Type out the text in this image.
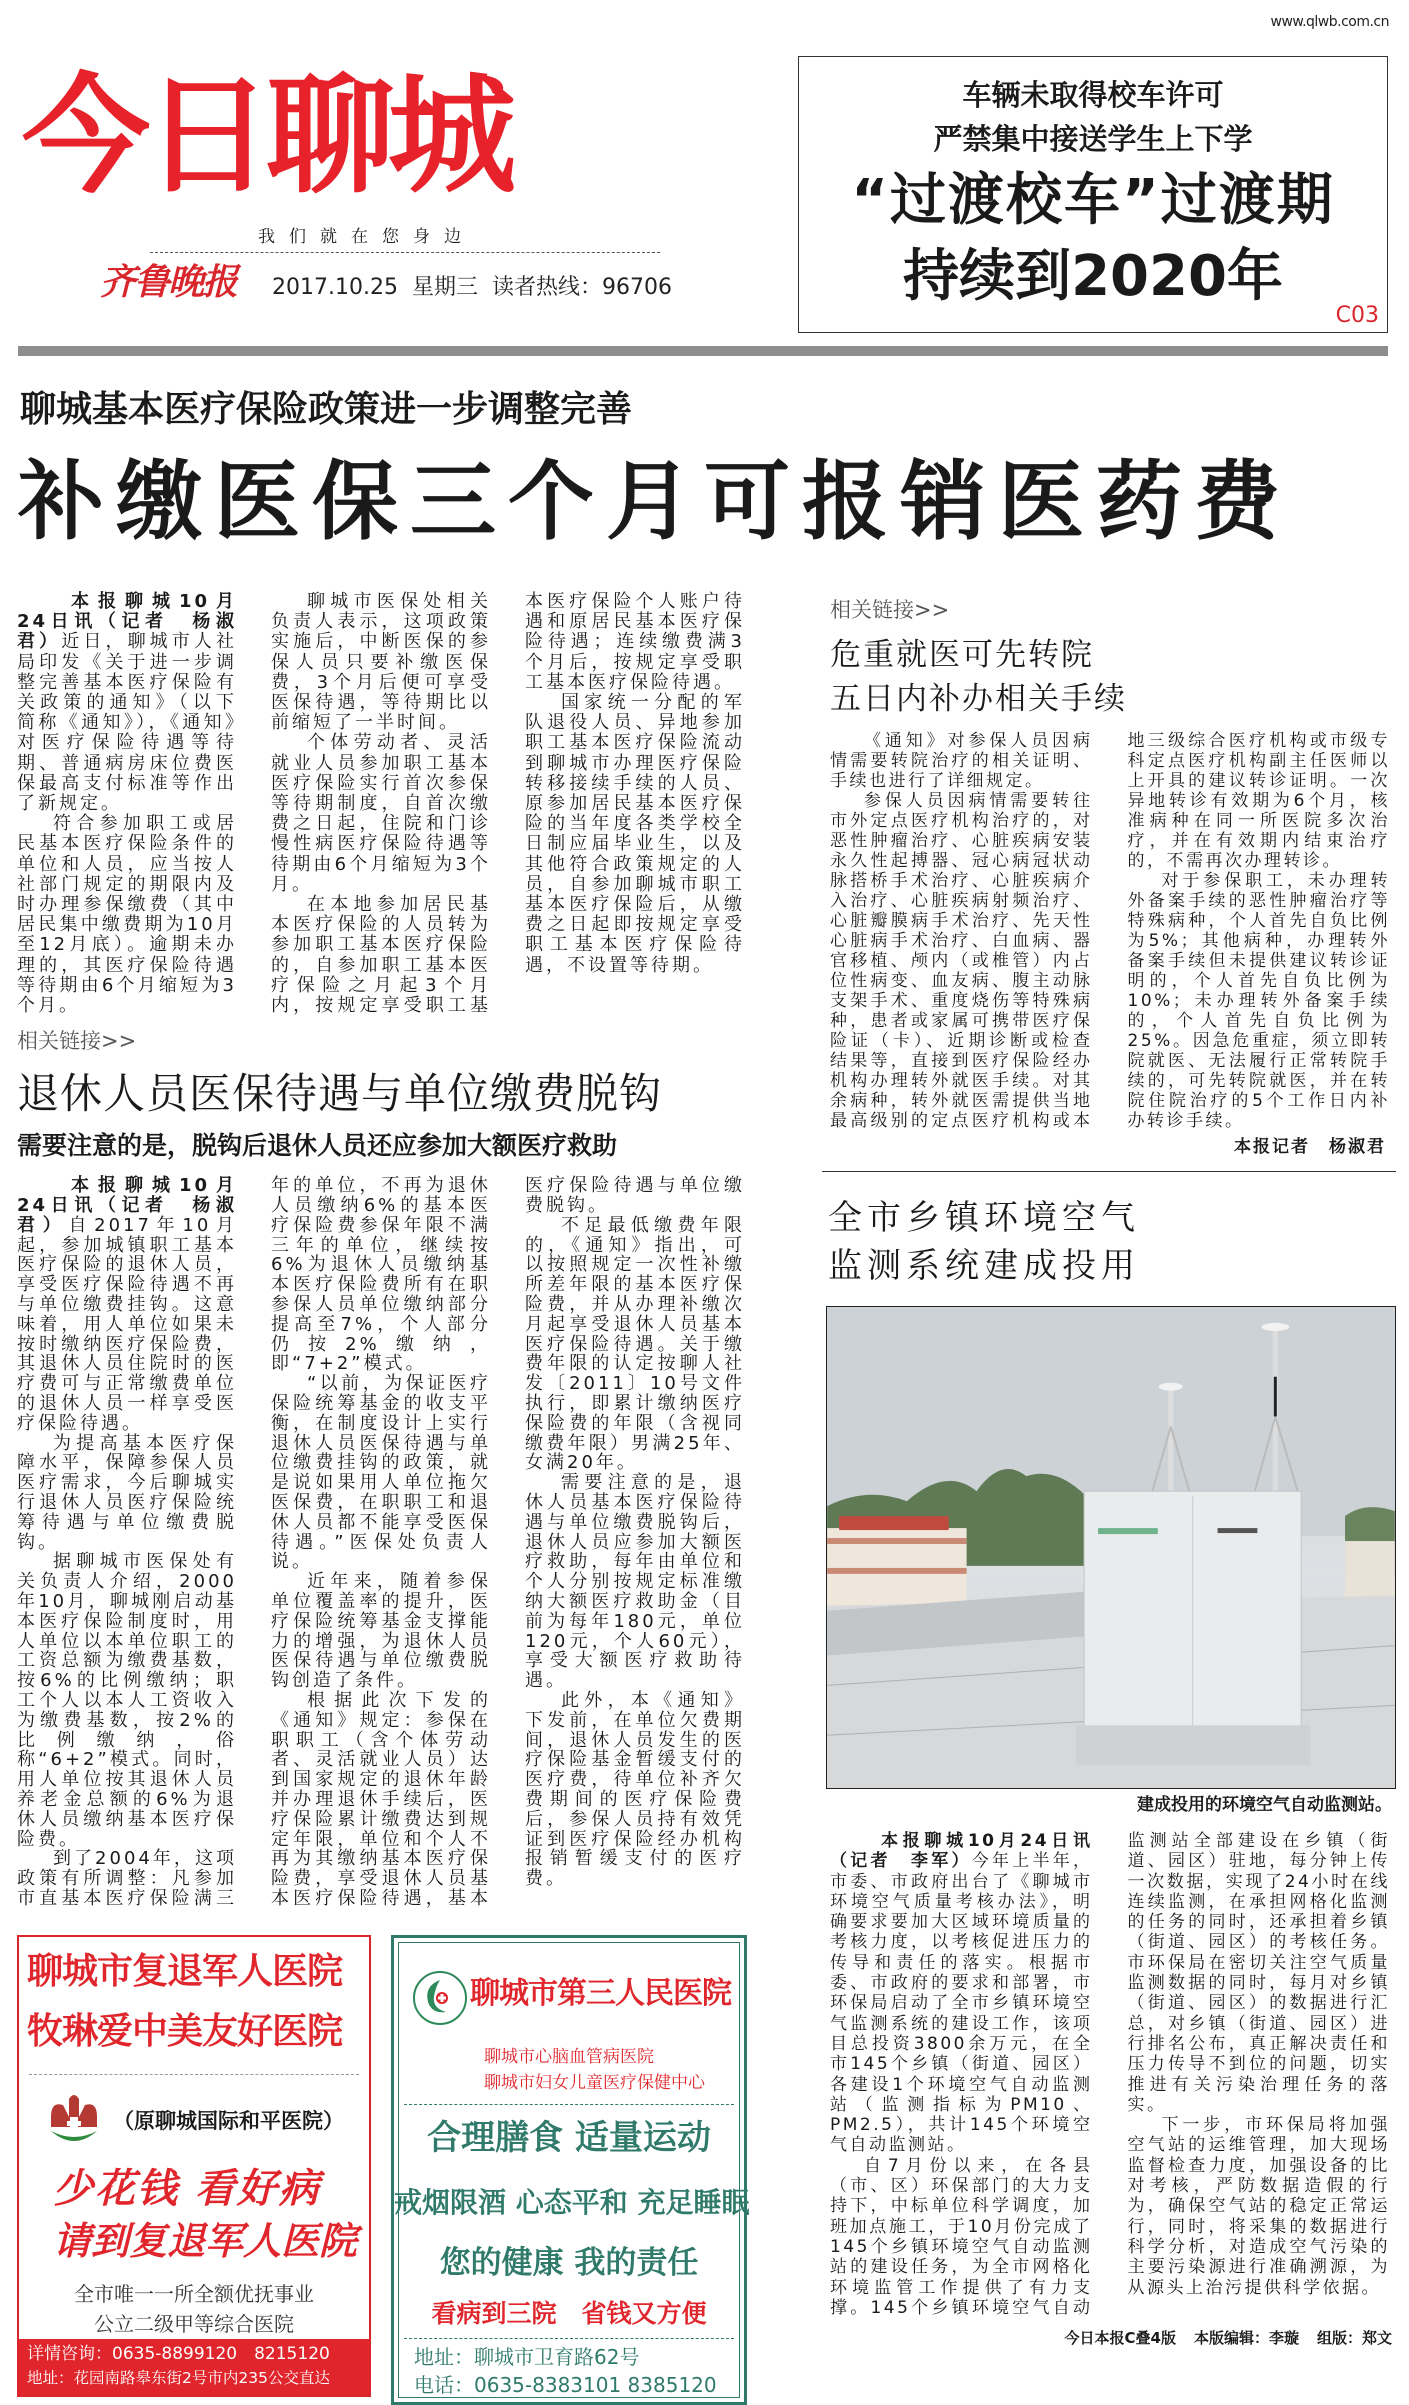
www.qlwb.com.cn
今日聊城
我们就在您身边
齐鲁晚报 2017.10.25 星期三 读者热线：96706
车辆未取得校车许可
严禁集中接送学生上下学
“过渡校车”过渡期
持续到2020年
C03
聊城基本医疗保险政策进一步调整完善
补缴医保三个月可报销医药费

本报聊城10月24日讯（记者　杨淑君）近日，聊城市人社局印发《关于进一步调整完善基本医疗保险有关政策的通知》（以下简称《通知》），《通知》对医疗保险待遇等待期、普通病房床位费医保最高支付标准等作出了新规定。

符合参加职工或居民基本医疗保险条件的单位和人员，应当按人社部门规定的期限内及时办理参保缴费（其中居民集中缴费期为10月至12月底）。逾期未办理的，其医疗保险待遇等待期由6个月缩短为3个月。

聊城市医保处相关负责人表示，这项政策实施后，中断医保的参保人员只要补缴医保费，3个月后便可享受医保待遇，等待期比以前缩短了一半时间。

个体劳动者、灵活就业人员参加职工基本医疗保险实行首次参保等待期制度，自首次缴费之日起，住院和门诊慢性病医疗保险待遇等待期由6个月缩短为3个月。

在本地参加居民基本医疗保险的人员转为参加职工基本医疗保险的，自参加职工基本医疗保险之月起3个月内，按规定享受职工基本医疗保险个人账户待遇和原居民基本医疗保险待遇；连续缴费满3个月后，按规定享受职工基本医疗保险待遇。

国家统一分配的军队退役人员、异地参加职工基本医疗保险流动到聊城市办理医疗保险转移接续手续的人员、原参加居民基本医疗保险的当年度各类学校全日制应届毕业生，以及其他符合政策规定的人员，自参加聊城市职工基本医疗保险后，从缴费之日起即按规定享受职工基本医疗保险待遇，不设置等待期。

相关链接>>
退休人员医保待遇与单位缴费脱钩
需要注意的是，脱钩后退休人员还应参加大额医疗救助

本报聊城10月24日讯（记者　杨淑君）自2017年10月起，参加城镇职工基本医疗保险的退休人员，享受医疗保险待遇不再与单位缴费挂钩。这意味着，用人单位如果未按时缴纳医疗保险费，其退休人员住院时的医疗费可与正常缴费单位的退休人员一样享受医疗保险待遇。

为提高基本医疗保障水平，保障参保人员医疗需求，今后聊城实行退休人员医疗保险统筹待遇与单位缴费脱钩。

据聊城市医保处有关负责人介绍，2000年10月，聊城刚启动基本医疗保险制度时，用人单位以本单位职工的工资总额为缴费基数，按6%的比例缴纳；职工个人以本人工资收入为缴费基数，按2%的比例缴纳，俗称“6+2”模式。同时，用人单位按其退休人员养老金总额的6%为退休人员缴纳基本医疗保险费。

到了2004年，这项政策有所调整：凡参加市直基本医疗保险满三年的单位，不再为退休人员缴纳6%的基本医疗保险费参保年限不满三年的单位，继续按6%为退休人员缴纳基本医疗保险费所有在职参保人员单位缴纳部分提高至7%，个人部分仍按2%缴纳，即“7+2”模式。

“以前，为保证医疗保险统筹基金的收支平衡，在制度设计上实行退休人员医保待遇与单位缴费挂钩的政策，就是说如果用人单位拖欠医保费，在职职工和退休人员都不能享受医保待遇。”医保处负责人说。

近年来，随着参保单位覆盖率的提升，医疗保险统筹基金支撑能力的增强，为退休人员医保待遇与单位缴费脱钩创造了条件。

根据此次下发的《通知》规定：参保在职职工（含个体劳动者、灵活就业人员）达到国家规定的退休年龄并办理退休手续后，医疗保险累计缴费达到规定年限，单位和个人不再为其缴纳基本医疗保险费，享受退休人员基本医疗保险待遇，基本医疗保险待遇与单位缴费脱钩。

不足最低缴费年限的，《通知》指出，可以按照规定一次性补缴所差年限的基本医疗保险费，并从办理补缴次月起享受退休人员基本医疗保险待遇。关于缴费年限的认定按聊人社发〔2011〕10号文件执行，即累计缴纳医疗保险费的年限（含视同缴费年限）男满25年、女满20年。

需要注意的是，退休人员基本医疗保险待遇与单位缴费脱钩后，退休人员应参加大额医疗救助，每年由单位和个人分别按规定标准缴纳大额医疗救助金（目前为每年180元，单位120元，个人60元），享受大额医疗救助待遇。

此外，本《通知》下发前，在单位欠费期间，退休人员发生的医疗保险基金暂缓支付的医疗费，待单位补齐欠费期间的医疗保险费后，参保人员持有效凭证到医疗保险经办机构报销暂缓支付的医疗费。

聊城市复退军人医院
牧琳爱中美友好医院
（原聊城国际和平医院）
少花钱 看好病
请到复退军人医院
全市唯一一所全额优抚事业
公立二级甲等综合医院
详情咨询：0635-8899120　8215120
地址：花园南路皋东街2号市内235公交直达
聊城市第三人民医院
聊城市心脑血管病医院
聊城市妇女儿童医疗保健中心
合理膳食 适量运动
戒烟限酒 心态平和 充足睡眠
您的健康 我的责任
看病到三院　省钱又方便
地址：聊城市卫育路62号
电话：0635-8383101 8385120
相关链接>>
危重就医可先转院
五日内补办相关手续

《通知》对参保人员因病情需要转院治疗的相关证明、手续也进行了详细规定。

参保人员因病情需要转往市外定点医疗机构治疗的，对恶性肿瘤治疗、心脏疾病安装永久性起搏器、冠心病冠状动脉搭桥手术治疗、心脏疾病介入治疗、心脏疾病射频治疗、心脏瓣膜病手术治疗、先天性心脏病手术治疗、白血病、器官移植、颅内（或椎管）内占位性病变、血友病、腹主动脉支架手术、重度烧伤等特殊病种，患者或家属可携带医疗保险证（卡）、近期诊断或检查结果等，直接到医疗保险经办机构办理转外就医手续。对其余病种，转外就医需提供当地最高级别的定点医疗机构或本地三级综合医疗机构或市级专科定点医疗机构副主任医师以上开具的建议转诊证明。一次异地转诊有效期为6个月，核准病种在同一所医院多次治疗，并在有效期内结束治疗的，不需再次办理转诊。

对于参保职工，未办理转外备案手续的恶性肿瘤治疗等特殊病种，个人首先自负比例为5%；其他病种，办理转外备案手续但未提供建议转诊证明的，个人首先自负比例为10%；未办理转外备案手续的，个人首先自负比例为25%。因急危重症，须立即转院就医、无法履行正常转院手续的，可先转院就医，并在转院住院治疗的5个工作日内补办转诊手续。

本报记者　杨淑君
全市乡镇环境空气
监测系统建成投用
建成投用的环境空气自动监测站。

本报聊城10月24日讯（记者　李军）今年上半年，市委、市政府出台了《聊城市环境空气质量考核办法》，明确要求要加大区域环境质量的考核力度，以考核促进压力的传导和责任的落实。根据市委、市政府的要求和部署，市环保局启动了全市乡镇环境空气监测系统的建设工作，该项目总投资3800余万元，在全市145个乡镇（街道、园区）各建设1个环境空气自动监测站（监测指标为PM10、PM2.5），共计145个环境空气自动监测站。

自7月份以来，在各县（市、区）环保部门的大力支持下，中标单位科学调度，加班加点施工，于10月份完成了145个乡镇环境空气自动监测站的建设任务，为全市网格化环境监管工作提供了有力支撑。145个乡镇环境空气自动监测站全部建设在乡镇（街道、园区）驻地，每分钟上传一次数据，实现了24小时在线连续监测，在承担网格化监测的任务的同时，还承担着乡镇（街道、园区）的考核任务。市环保局在密切关注空气质量监测数据的同时，每月对乡镇（街道、园区）的数据进行汇总，对乡镇（街道、园区）进行排名公布，真正解决责任和压力传导不到位的问题，切实推进有关污染治理任务的落实。

下一步，市环保局将加强空气站的运维管理，加大现场监督检查力度，加强设备的比对考核，严防数据造假的行为，确保空气站的稳定正常运行，同时，将采集的数据进行科学分析，对造成空气污染的主要污染源进行准确溯源，为从源头上治污提供科学依据。

今日本报C叠4版 本版编辑：李璇 组版：郑文
